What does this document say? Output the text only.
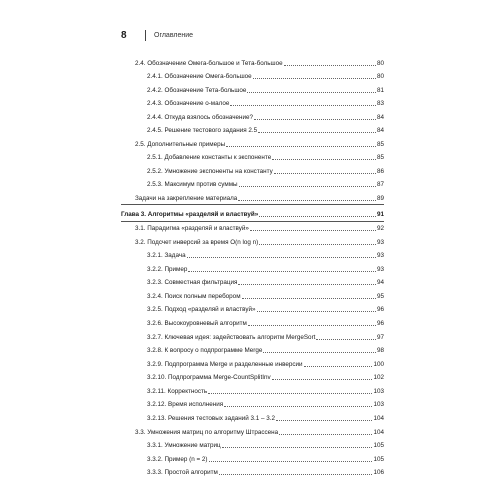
8	Оглавление
2.4. Обозначение Омега-большое и Тета-большое	80
2.4.1. Обозначение Омега-большое	80
2.4.2. Обозначение Тета-большое	81
2.4.3. Обозначение о-малое	83
2.4.4. Откуда взялось обозначение?	84
2.4.5. Решение тестового задания 2.5	84
2.5. Дополнительные примеры	85
2.5.1. Добавление константы к экспоненте	85
2.5.2. Умножение экспоненты на константу	86
2.5.3. Максимум против суммы	87
Задачи на закрепление материала	89
Глава 3. Алгоритмы «разделяй и властвуй»	91
3.1. Парадигма «разделяй и властвуй»	92
3.2. Подсчет инверсий за время O(n log n)	93
3.2.1. Задача	93
3.2.2. Пример	93
3.2.3. Совместная фильтрация	94
3.2.4. Поиск полным перебором	95
3.2.5. Подход «разделяй и властвуй»	96
3.2.6. Высокоуровневый алгоритм	96
3.2.7. Ключевая идея: задействовать алгоритм MergeSort	97
3.2.8. К вопросу о подпрограмме Merge	98
3.2.9. Подпрограмма Merge и разделенные инверсии	100
3.2.10. Подпрограмма Merge-CountSplitInv	102
3.2.11. Корректность	103
3.2.12. Время исполнения	103
3.2.13. Решения тестовых заданий 3.1 – 3.2	104
3.3. Умножения матриц по алгоритму Штрассена	104
3.3.1. Умножение матриц	105
3.3.2. Пример (n = 2)	105
3.3.3. Простой алгоритм	106
